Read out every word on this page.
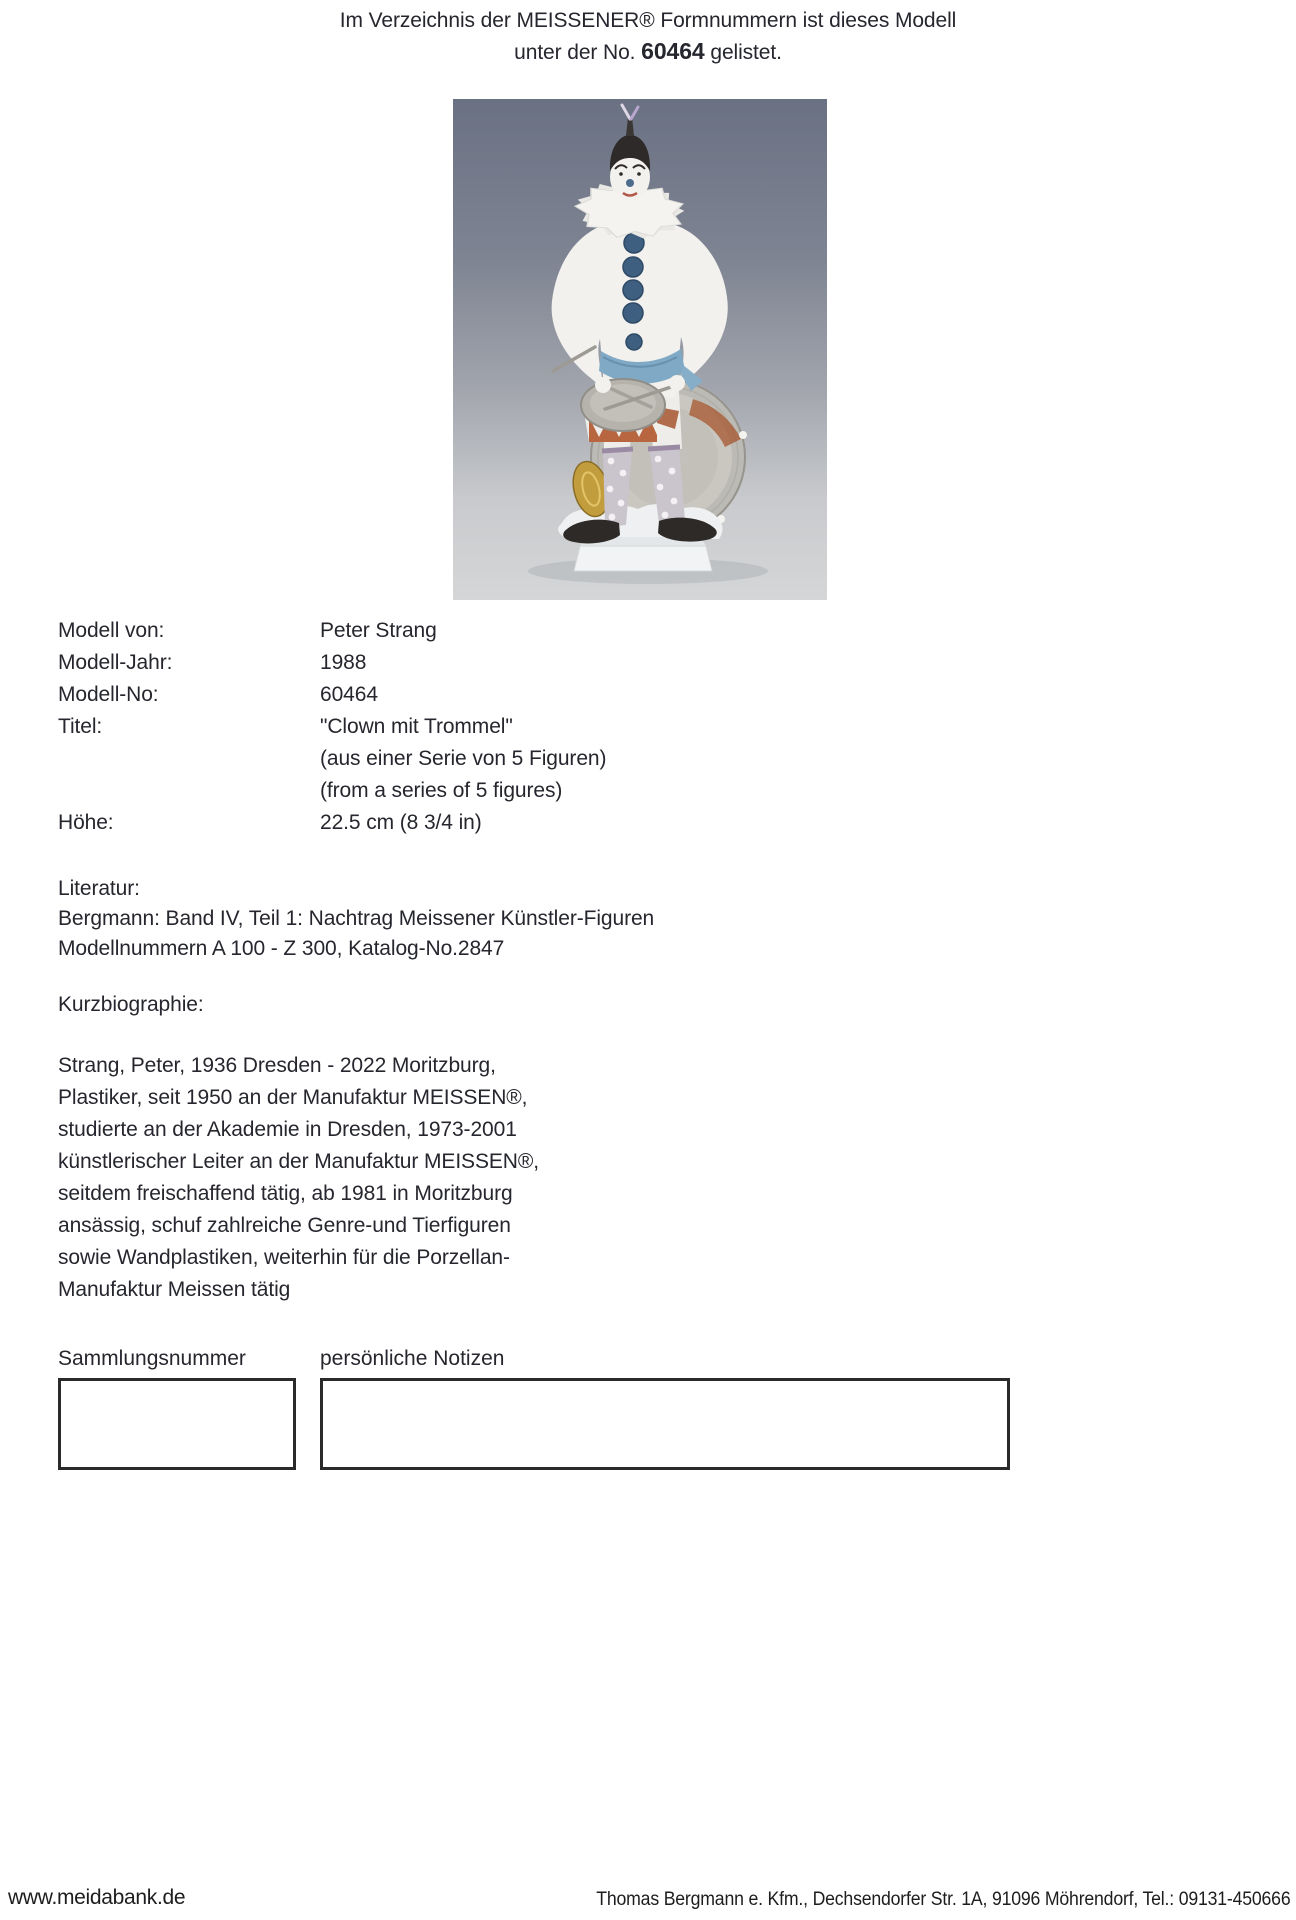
Im Verzeichnis der MEISSENER® Formnummern ist dieses Modell
unter der No. 60464 gelistet.
Modell von:	Peter Strang
Modell-Jahr:	1988
Modell-No:	60464
Titel:	"Clown mit Trommel"
(aus einer Serie von 5 Figuren)
(from a series of 5 figures)
Höhe:	22.5 cm (8 3/4 in)
Literatur:
Bergmann: Band IV, Teil 1: Nachtrag Meissener Künstler-Figuren
Modellnummern A 100 - Z 300, Katalog-No.2847
Kurzbiographie:
Strang, Peter, 1936 Dresden - 2022 Moritzburg,
Plastiker, seit 1950 an der Manufaktur MEISSEN®,
studierte an der Akademie in Dresden, 1973-2001
künstlerischer Leiter an der Manufaktur MEISSEN®,
seitdem freischaffend tätig, ab 1981 in Moritzburg
ansässig, schuf zahlreiche Genre-und Tierfiguren
sowie Wandplastiken, weiterhin für die Porzellan-
Manufaktur Meissen tätig
Sammlungsnummer	persönliche Notizen
www.meidabank.de	Thomas Bergmann e. Kfm., Dechsendorfer Str. 1A, 91096 Möhrendorf, Tel.: 09131-450666
